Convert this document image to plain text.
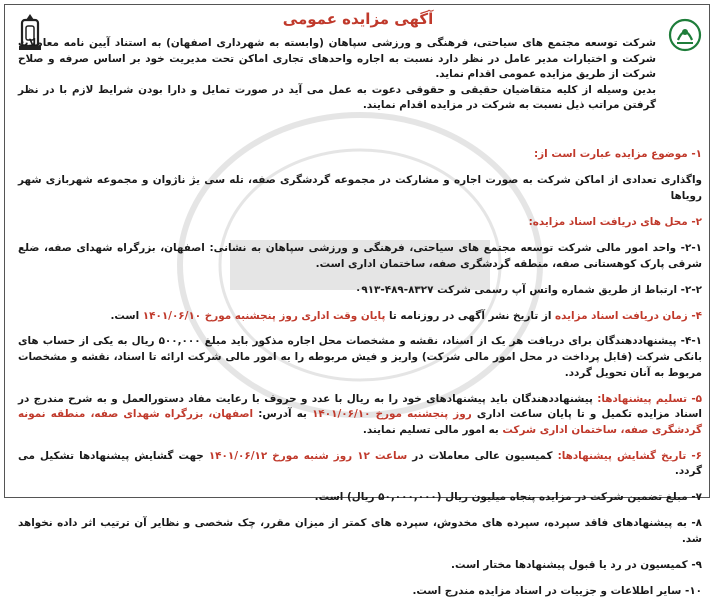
آگهی مزایده عمومی

شرکت توسعه مجتمع های سیاحتی، فرهنگی و ورزشی سپاهان (وابسته به شهرداری اصفهان) به استناد آیین نامه معاملات شرکت و اختیارات مدیر عامل در نظر دارد نسبت به اجاره واحدهای تجاری اماکن تحت مدیریت خود بر اساس صرفه و صلاح شرکت از طریق مزایده عمومی اقدام نماید.

بدین وسیله از کلیه متقاضیان حقیقی و حقوقی دعوت به عمل می آید در صورت تمایل و دارا بودن شرایط لازم با در نظر گرفتن مراتب ذیل نسبت به شرکت در مزایده اقدام نمایند.

۱- موضوع مزایده عبارت است از:

واگذاری تعدادی از اماکن شرکت به صورت اجاره و مشارکت در مجموعه گردشگری صفه، تله سی یژ ناژوان و مجموعه شهربازی شهر رویاها

۲- محل های دریافت اسناد مزایده:

۲-۱- واحد امور مالی شرکت توسعه مجتمع های سیاحتی، فرهنگی و ورزشی سپاهان به نشانی: اصفهان، بزرگراه شهدای صفه، ضلع شرقی پارک کوهستانی صفه، منطقه گردشگری صفه، ساختمان اداری است.

۲-۲- ارتباط از طریق شماره واتس آپ رسمی شرکت ۸۳۲۷-۴۸۹-۰۹۱۳

۴- زمان دریافت اسناد مزایده از تاریخ نشر آگهی در روزنامه تا پایان وقت اداری روز پنجشنبه مورخ ۱۴۰۱/۰۶/۱۰ است.

۴-۱- پیشنهاددهندگان برای دریافت هر یک از اسناد، نقشه و مشخصات محل اجاره مذکور باید مبلغ ۵۰۰,۰۰۰ ریال به یکی از حساب های بانکی شرکت (قابل پرداخت در محل امور مالی شرکت) واریز و فیش مربوطه را به امور مالی شرکت ارائه تا اسناد، نقشه و مشخصات مربوط به آنان تحویل گردد.

۵- تسلیم پیشنهادها: پیشنهاددهندگان باید پیشنهادهای خود را به ریال با عدد و حروف با رعایت مفاد دستورالعمل و به شرح مندرج در اسناد مزایده تکمیل و تا پایان ساعت اداری روز پنجشنبه مورخ ۱۴۰۱/۰۶/۱۰ به آدرس: اصفهان، بزرگراه شهدای صفه، منطقه نمونه گردشگری صفه، ساختمان اداری شرکت به امور مالی تسلیم نمایند.

۶- تاریخ گشایش پیشنهادها: کمیسیون عالی معاملات در ساعت ۱۲ روز شنبه مورخ ۱۴۰۱/۰۶/۱۲ جهت گشایش پیشنهادها تشکیل می گردد.

۷- مبلغ تضمین شرکت در مزایده پنجاه میلیون ریال (۵۰,۰۰۰,۰۰۰ ریال) است.

۸- به پیشنهادهای فاقد سپرده، سپرده های مخدوش، سپرده های کمتر از میزان مقرر، چک شخصی و نظایر آن ترتیب اثر داده نخواهد شد.

۹- کمیسیون در رد یا قبول پیشنهادها مختار است.

۱۰- سایر اطلاعات و جزییات در اسناد مزایده مندرج است.
